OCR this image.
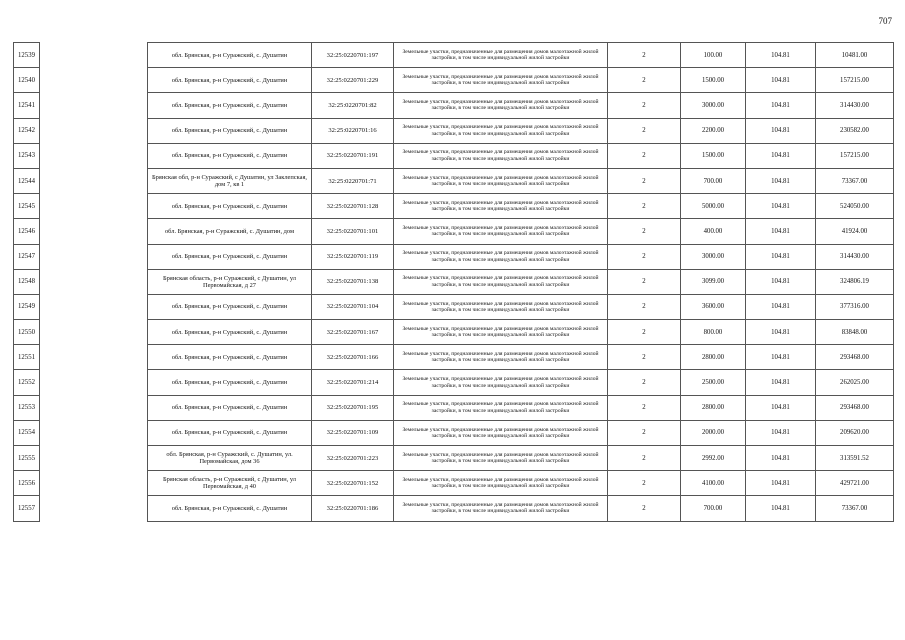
707
12539		обл. Брянская, р-н Суражский, с. Душатин	32:25:0220701:197	Земельные участки, предназначенные для размещения домов малоэтажной жилой застройки, в том числе индивидуальной жилой застройки	2	100.00	104.81	10481.00
12540		обл. Брянская, р-н Суражский, с. Душатин	32:25:0220701:229	Земельные участки, предназначенные для размещения домов малоэтажной жилой застройки, в том числе индивидуальной жилой застройки	2	1500.00	104.81	157215.00
12541		обл. Брянская, р-н Суражский, с. Душатин	32:25:0220701:82	Земельные участки, предназначенные для размещения домов малоэтажной жилой застройки, в том числе индивидуальной жилой застройки	2	3000.00	104.81	314430.00
12542		обл. Брянская, р-н Суражский, с. Душатин	32:25:0220701:16	Земельные участки, предназначенные для размещения домов малоэтажной жилой застройки, в том числе индивидуальной жилой застройки	2	2200.00	104.81	230582.00
12543		обл. Брянская, р-н Суражский, с. Душатин	32:25:0220701:191	Земельные участки, предназначенные для размещения домов малоэтажной жилой застройки, в том числе индивидуальной жилой застройки	2	1500.00	104.81	157215.00
12544		Брянская обл, р-н Суражский, с Душатин, ул Заклепская, дом 7, кв 1	32:25:0220701:71	Земельные участки, предназначенные для размещения домов малоэтажной жилой застройки, в том числе индивидуальной жилой застройки	2	700.00	104.81	73367.00
12545		обл. Брянская, р-н Суражский, с. Душатин	32:25:0220701:128	Земельные участки, предназначенные для размещения домов малоэтажной жилой застройки, в том числе индивидуальной жилой застройки	2	5000.00	104.81	524050.00
12546		обл. Брянская, р-н Суражский, с. Душатин, дом	32:25:0220701:101	Земельные участки, предназначенные для размещения домов малоэтажной жилой застройки, в том числе индивидуальной жилой застройки	2	400.00	104.81	41924.00
12547		обл. Брянская, р-н Суражский, с. Душатин	32:25:0220701:119	Земельные участки, предназначенные для размещения домов малоэтажной жилой застройки, в том числе индивидуальной жилой застройки	2	3000.00	104.81	314430.00
12548		Брянская область, р-н Суражский, с Душатин, ул Первомайская, д 27	32:25:0220701:138	Земельные участки, предназначенные для размещения домов малоэтажной жилой застройки, в том числе индивидуальной жилой застройки	2	3099.00	104.81	324806.19
12549		обл. Брянская, р-н Суражский, с. Душатин	32:25:0220701:104	Земельные участки, предназначенные для размещения домов малоэтажной жилой застройки, в том числе индивидуальной жилой застройки	2	3600.00	104.81	377316.00
12550		обл. Брянская, р-н Суражский, с. Душатин	32:25:0220701:167	Земельные участки, предназначенные для размещения домов малоэтажной жилой застройки, в том числе индивидуальной жилой застройки	2	800.00	104.81	83848.00
12551		обл. Брянская, р-н Суражский, с. Душатин	32:25:0220701:166	Земельные участки, предназначенные для размещения домов малоэтажной жилой застройки, в том числе индивидуальной жилой застройки	2	2800.00	104.81	293468.00
12552		обл. Брянская, р-н Суражский, с. Душатин	32:25:0220701:214	Земельные участки, предназначенные для размещения домов малоэтажной жилой застройки, в том числе индивидуальной жилой застройки	2	2500.00	104.81	262025.00
12553		обл. Брянская, р-н Суражский, с. Душатин	32:25:0220701:195	Земельные участки, предназначенные для размещения домов малоэтажной жилой застройки, в том числе индивидуальной жилой застройки	2	2800.00	104.81	293468.00
12554		обл. Брянская, р-н Суражский, с. Душатин	32:25:0220701:109	Земельные участки, предназначенные для размещения домов малоэтажной жилой застройки, в том числе индивидуальной жилой застройки	2	2000.00	104.81	209620.00
12555		обл. Брянская, р-н Суражский, с. Душатин, ул. Первомайская, дом 36	32:25:0220701:223	Земельные участки, предназначенные для размещения домов малоэтажной жилой застройки, в том числе индивидуальной жилой застройки	2	2992.00	104.81	313591.52
12556		Брянская область, р-н Суражский, с Душатин, ул Первомайская, д 40	32:25:0220701:152	Земельные участки, предназначенные для размещения домов малоэтажной жилой застройки, в том числе индивидуальной жилой застройки	2	4100.00	104.81	429721.00
12557		обл. Брянская, р-н Суражский, с. Душатин	32:25:0220701:186	Земельные участки, предназначенные для размещения домов малоэтажной жилой застройки, в том числе индивидуальной жилой застройки	2	700.00	104.81	73367.00
